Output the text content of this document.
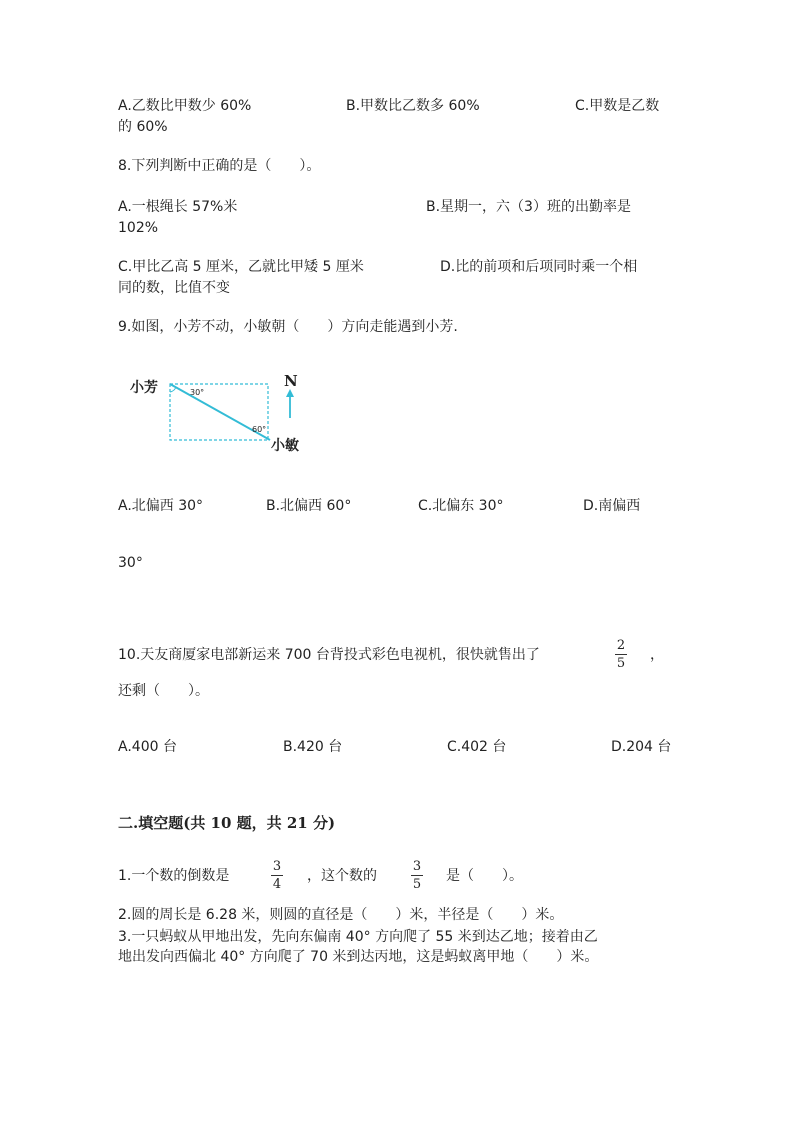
A.乙数比甲数少 60%	B.甲数比乙数多 60%	C.甲数是乙数
的 60%
8.下列判断中正确的是（　　）。
A.一根绳长 57%米	B.星期一，六（3）班的出勤率是
102%
C.甲比乙高 5 厘米，乙就比甲矮 5 厘米	D.比的前项和后项同时乘一个相
同的数，比值不变
9.如图，小芳不动，小敏朝（　　）方向走能遇到小芳.
30°
60°
小芳
小敏
N
A.北偏西 30°	B.北偏西 60°	C.北偏东 30°	D.南偏西
30°
10.天友商厦家电部新运来 700 台背投式彩色电视机，很快就售出了
2
5
，
还剩（　　）。
A.400 台	B.420 台	C.402 台	D.204 台
二.填空题(共 10 题，共 21 分)
1.一个数的倒数是
3
4
，这个数的
3
5
是（　　）。
2.圆的周长是 6.28 米，则圆的直径是（　　）米，半径是（　　）米。
3.一只蚂蚁从甲地出发，先向东偏南 40° 方向爬了 55 米到达乙地；接着由乙
地出发向西偏北 40° 方向爬了 70 米到达丙地，这是蚂蚁离甲地（　　）米。
